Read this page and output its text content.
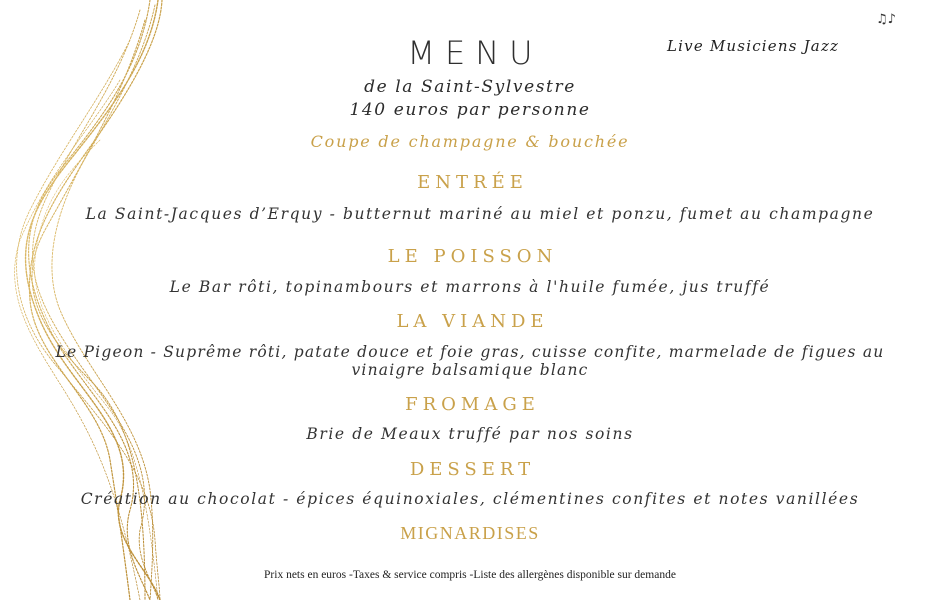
MENU
de la Saint-Sylvestre
140 euros par personne
Coupe de champagne & bouchée
Live Musiciens Jazz
♫♪
ENTRÉE
La Saint-Jacques d’Erquy - butternut mariné au miel et ponzu, fumet au champagne
LE POISSON
Le Bar rôti, topinambours et marrons à l'huile fumée, jus truffé
LA VIANDE
Le Pigeon - Suprême rôti, patate douce et foie gras, cuisse confite, marmelade de figues au
vinaigre balsamique blanc
FROMAGE
Brie de Meaux truffé par nos soins
DESSERT
Création au chocolat - épices équinoxiales, clémentines confites et notes vanillées
MIGNARDISES
Prix nets en euros -Taxes & service compris -Liste des allergènes disponible sur demande
